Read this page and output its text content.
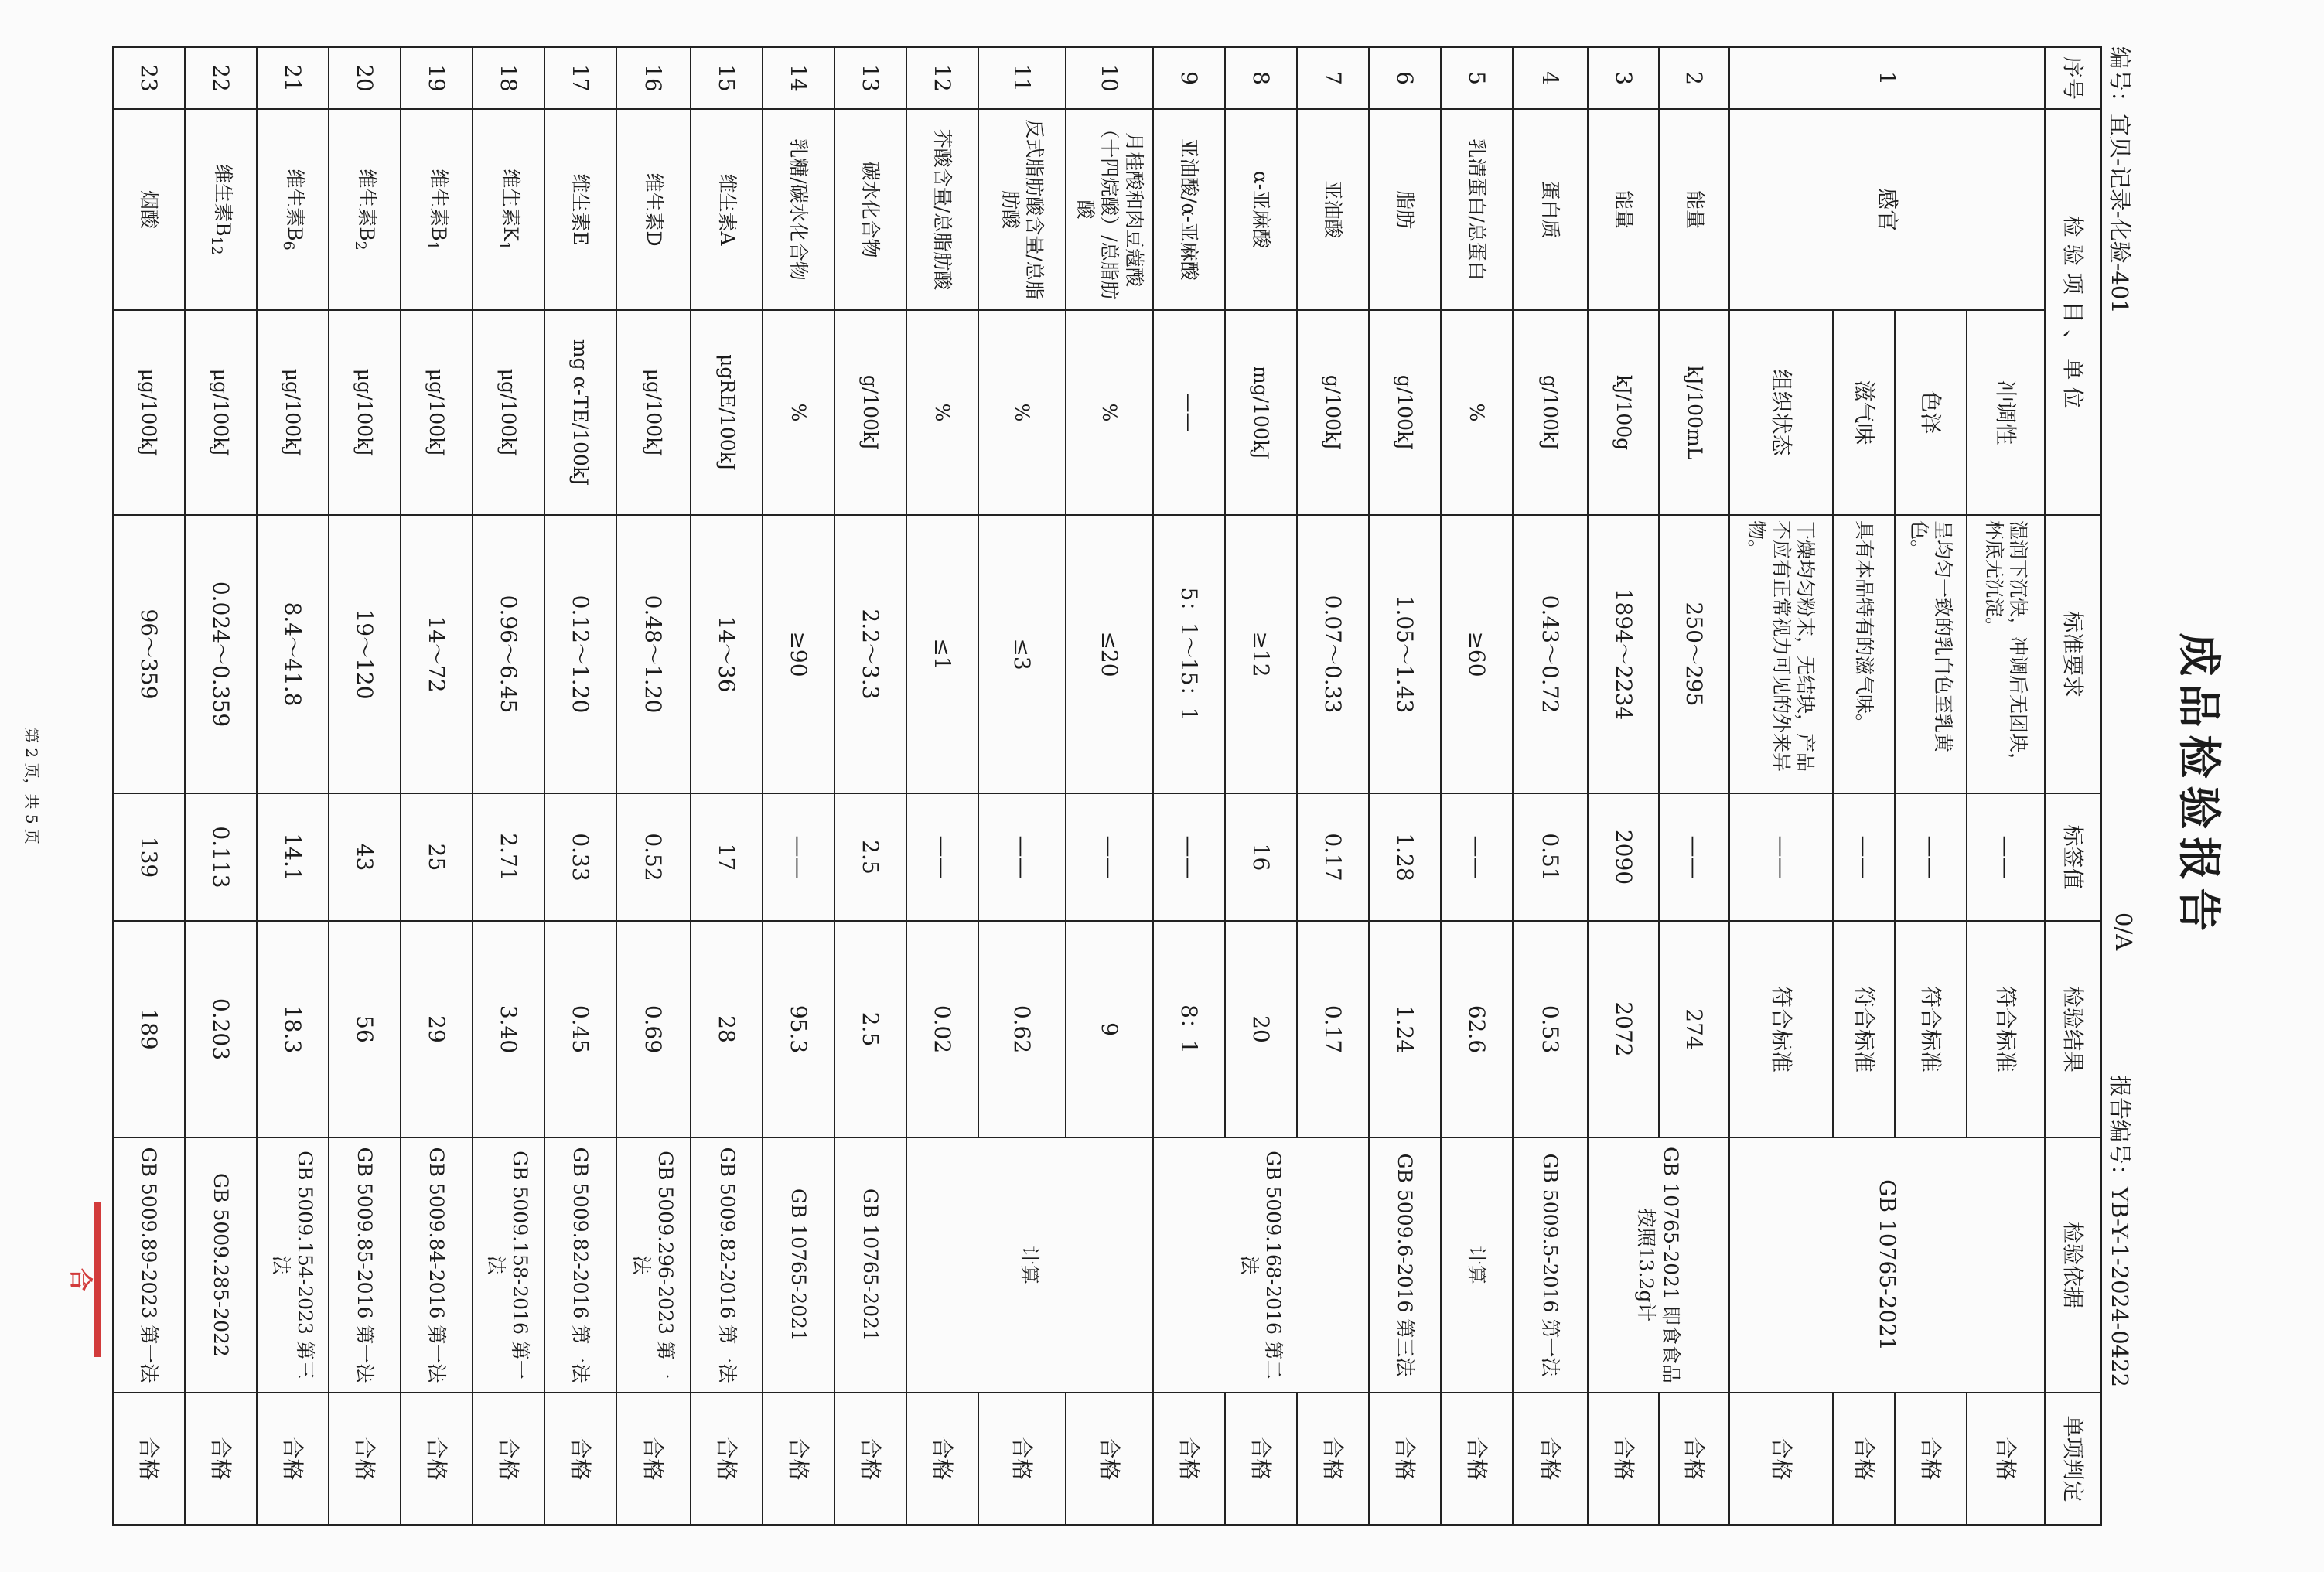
成品检验报告
编号：宜贝-记录-化验-401
0/A
报告编号：YB-Y-1-2024-0422
序号	检 验 项 目 、 单 位		标准要求	标签值	检验结果	检验依据	单项判定
1	感官	冲调性	湿润下沉快，冲调后无团块，杯底无沉淀。	——	符合标准	GB 10765-2021	合格
		色泽	呈均匀一致的乳白色至乳黄色。	——	符合标准		合格
		滋气味	具有本品特有的滋气味。	——	符合标准		合格
		组织状态	干燥均匀粉末，无结块，产品不应有正常视力可见的外来异物。	——	符合标准		合格
2	能量	kJ/100mL	250～295	——	274	GB 10765-2021 即食食品按照13.2g计	合格
3	能量	kJ/100g	1894～2234	2090	2072		合格
4	蛋白质	g/100kJ	0.43～0.72	0.51	0.53	GB 5009.5-2016 第一法	合格
5	乳清蛋白/总蛋白	%	≥60	——	62.6	计算	合格
6	脂肪	g/100kJ	1.05～1.43	1.28	1.24	GB 5009.6-2016 第三法	合格
7	亚油酸	g/100kJ	0.07～0.33	0.17	0.17	GB 5009.168-2016 第二法	合格
8	α-亚麻酸	mg/100kJ	≥12	16	20		合格
9	亚油酸/α-亚麻酸	——	5：1～15：1	——	8：1		合格
10	月桂酸和肉豆蔻酸（十四烷酸）/总脂肪酸	%	≤20	——	9	计算	合格
11	反式脂肪酸含量/总脂肪酸	%	≤3	——	0.62		合格
12	芥酸含量/总脂肪酸	%	≤1	——	0.02		合格
13	碳水化合物	g/100kJ	2.2～3.3	2.5	2.5	GB 10765-2021	合格
14	乳糖/碳水化合物	%	≥90	——	95.3	GB 10765-2021	合格
15	维生素A	μgRE/100kJ	14～36	17	28	GB 5009.82-2016 第一法	合格
16	维生素D	μg/100kJ	0.48～1.20	0.52	0.69	GB 5009.296-2023 第一法	合格
17	维生素E	mg α-TE/100kJ	0.12～1.20	0.33	0.45	GB 5009.82-2016 第一法	合格
18	维生素$K_1$	μg/100kJ	0.96～6.45	2.71	3.40	GB 5009.158-2016 第一法	合格
19	维生素$B_1$	μg/100kJ	14～72	25	29	GB 5009.84-2016 第一法	合格
20	维生素$B_2$	μg/100kJ	19～120	43	56	GB 5009.85-2016 第一法	合格
21	维生素$B_6$	μg/100kJ	8.4～41.8	14.1	18.3	GB 5009.154-2023 第三法	合格
22	维生素$B_{12}$	μg/100kJ	0.024～0.359	0.113	0.203	GB 5009.285-2022	合格
23	烟酸	μg/100kJ	96～359	139	189	GB 5009.89-2023 第一法	合格
合
第 2 页，共 5 页
